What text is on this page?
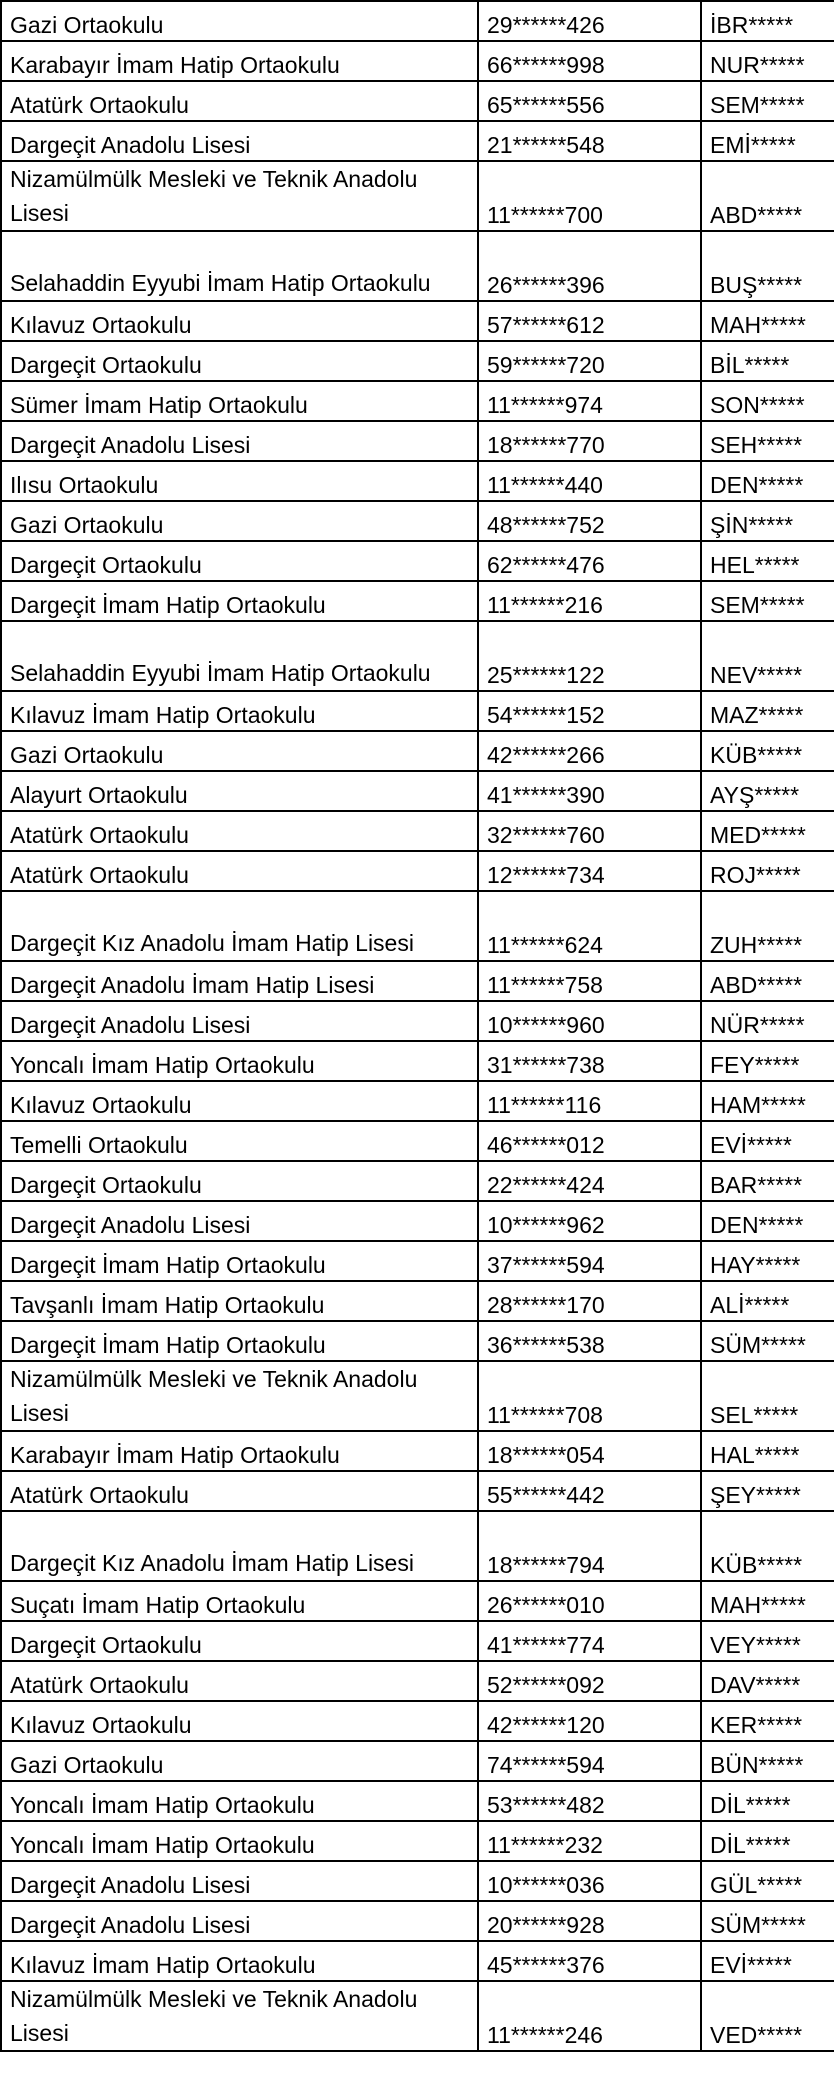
Gazi Ortaokulu	29******426	İBR*****
Karabayır İmam Hatip Ortaokulu	66******998	NUR*****
Atatürk Ortaokulu	65******556	SEM*****
Dargeçit Anadolu Lisesi	21******548	EMİ*****
Nizamülmülk Mesleki ve Teknik Anadolu Lisesi	11******700	ABD*****
Selahaddin Eyyubi İmam Hatip Ortaokulu	26******396	BUŞ*****
Kılavuz Ortaokulu	57******612	MAH*****
Dargeçit Ortaokulu	59******720	BİL*****
Sümer İmam Hatip Ortaokulu	11******974	SON*****
Dargeçit Anadolu Lisesi	18******770	SEH*****
Ilısu Ortaokulu	11******440	DEN*****
Gazi Ortaokulu	48******752	ŞİN*****
Dargeçit Ortaokulu	62******476	HEL*****
Dargeçit İmam Hatip Ortaokulu	11******216	SEM*****
Selahaddin Eyyubi İmam Hatip Ortaokulu	25******122	NEV*****
Kılavuz İmam Hatip Ortaokulu	54******152	MAZ*****
Gazi Ortaokulu	42******266	KÜB*****
Alayurt Ortaokulu	41******390	AYŞ*****
Atatürk Ortaokulu	32******760	MED*****
Atatürk Ortaokulu	12******734	ROJ*****
Dargeçit Kız Anadolu İmam Hatip Lisesi	11******624	ZUH*****
Dargeçit Anadolu İmam Hatip Lisesi	11******758	ABD*****
Dargeçit Anadolu Lisesi	10******960	NÜR*****
Yoncalı İmam Hatip Ortaokulu	31******738	FEY*****
Kılavuz Ortaokulu	11******116	HAM*****
Temelli Ortaokulu	46******012	EVİ*****
Dargeçit Ortaokulu	22******424	BAR*****
Dargeçit Anadolu Lisesi	10******962	DEN*****
Dargeçit İmam Hatip Ortaokulu	37******594	HAY*****
Tavşanlı İmam Hatip Ortaokulu	28******170	ALİ*****
Dargeçit İmam Hatip Ortaokulu	36******538	SÜM*****
Nizamülmülk Mesleki ve Teknik Anadolu Lisesi	11******708	SEL*****
Karabayır İmam Hatip Ortaokulu	18******054	HAL*****
Atatürk Ortaokulu	55******442	ŞEY*****
Dargeçit Kız Anadolu İmam Hatip Lisesi	18******794	KÜB*****
Suçatı İmam Hatip Ortaokulu	26******010	MAH*****
Dargeçit Ortaokulu	41******774	VEY*****
Atatürk Ortaokulu	52******092	DAV*****
Kılavuz Ortaokulu	42******120	KER*****
Gazi Ortaokulu	74******594	BÜN*****
Yoncalı İmam Hatip Ortaokulu	53******482	DİL*****
Yoncalı İmam Hatip Ortaokulu	11******232	DİL*****
Dargeçit Anadolu Lisesi	10******036	GÜL*****
Dargeçit Anadolu Lisesi	20******928	SÜM*****
Kılavuz İmam Hatip Ortaokulu	45******376	EVİ*****
Nizamülmülk Mesleki ve Teknik Anadolu Lisesi	11******246	VED*****
